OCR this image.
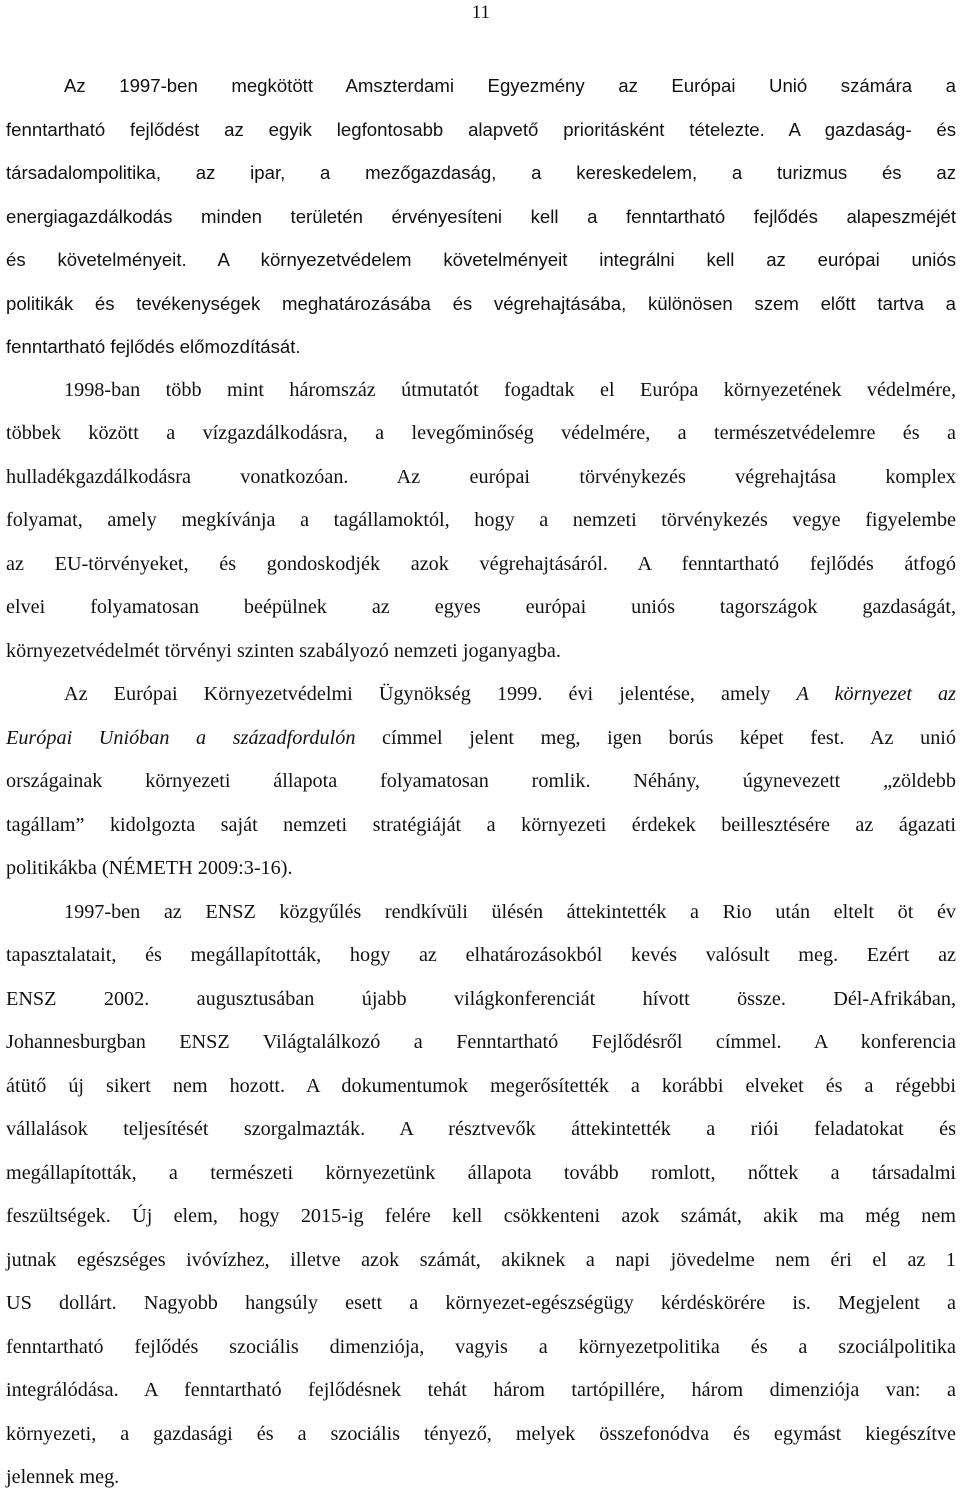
11
Az 1997-ben megkötött Amszterdami Egyezmény az Európai Unió számára a
fenntartható fejlődést az egyik legfontosabb alapvető prioritásként tételezte. A gazdaság- és
társadalompolitika, az ipar, a mezőgazdaság, a kereskedelem, a turizmus és az
energiagazdálkodás minden területén érvényesíteni kell a fenntartható fejlődés alapeszméjét
és követelményeit. A környezetvédelem követelményeit integrálni kell az európai uniós
politikák és tevékenységek meghatározásába és végrehajtásába, különösen szem előtt tartva a
fenntartható fejlődés előmozdítását.
1998-ban több mint háromszáz útmutatót fogadtak el Európa környezetének védelmére,
többek között a vízgazdálkodásra, a levegőminőség védelmére, a természetvédelemre és a
hulladékgazdálkodásra vonatkozóan. Az európai törvénykezés végrehajtása komplex
folyamat, amely megkívánja a tagállamoktól, hogy a nemzeti törvénykezés vegye figyelembe
az EU-törvényeket, és gondoskodjék azok végrehajtásáról. A fenntartható fejlődés átfogó
elvei folyamatosan beépülnek az egyes európai uniós tagországok gazdaságát,
környezetvédelmét törvényi szinten szabályozó nemzeti joganyagba.
Az Európai Környezetvédelmi Ügynökség 1999. évi jelentése, amely A környezet az
Európai Unióban a századfordulón címmel jelent meg, igen borús képet fest. Az unió
országainak környezeti állapota folyamatosan romlik. Néhány, úgynevezett „zöldebb
tagállam” kidolgozta saját nemzeti stratégiáját a környezeti érdekek beillesztésére az ágazati
politikákba (NÉMETH 2009:3-16).
1997-ben az ENSZ közgyűlés rendkívüli ülésén áttekintették a Rio után eltelt öt év
tapasztalatait, és megállapították, hogy az elhatározásokból kevés valósult meg. Ezért az
ENSZ 2002. augusztusában újabb világkonferenciát hívott össze. Dél-Afrikában,
Johannesburgban ENSZ Világtalálkozó a Fenntartható Fejlődésről címmel. A konferencia
átütő új sikert nem hozott. A dokumentumok megerősítették a korábbi elveket és a régebbi
vállalások teljesítését szorgalmazták. A résztvevők áttekintették a riói feladatokat és
megállapították, a természeti környezetünk állapota tovább romlott, nőttek a társadalmi
feszültségek. Új elem, hogy 2015-ig felére kell csökkenteni azok számát, akik ma még nem
jutnak egészséges ivóvízhez, illetve azok számát, akiknek a napi jövedelme nem éri el az 1
US dollárt. Nagyobb hangsúly esett a környezet-egészségügy kérdéskörére is. Megjelent a
fenntartható fejlődés szociális dimenziója, vagyis a környezetpolitika és a szociálpolitika
integrálódása. A fenntartható fejlődésnek tehát három tartópillére, három dimenziója van: a
környezeti, a gazdasági és a szociális tényező, melyek összefonódva és egymást kiegészítve
jelennek meg.
